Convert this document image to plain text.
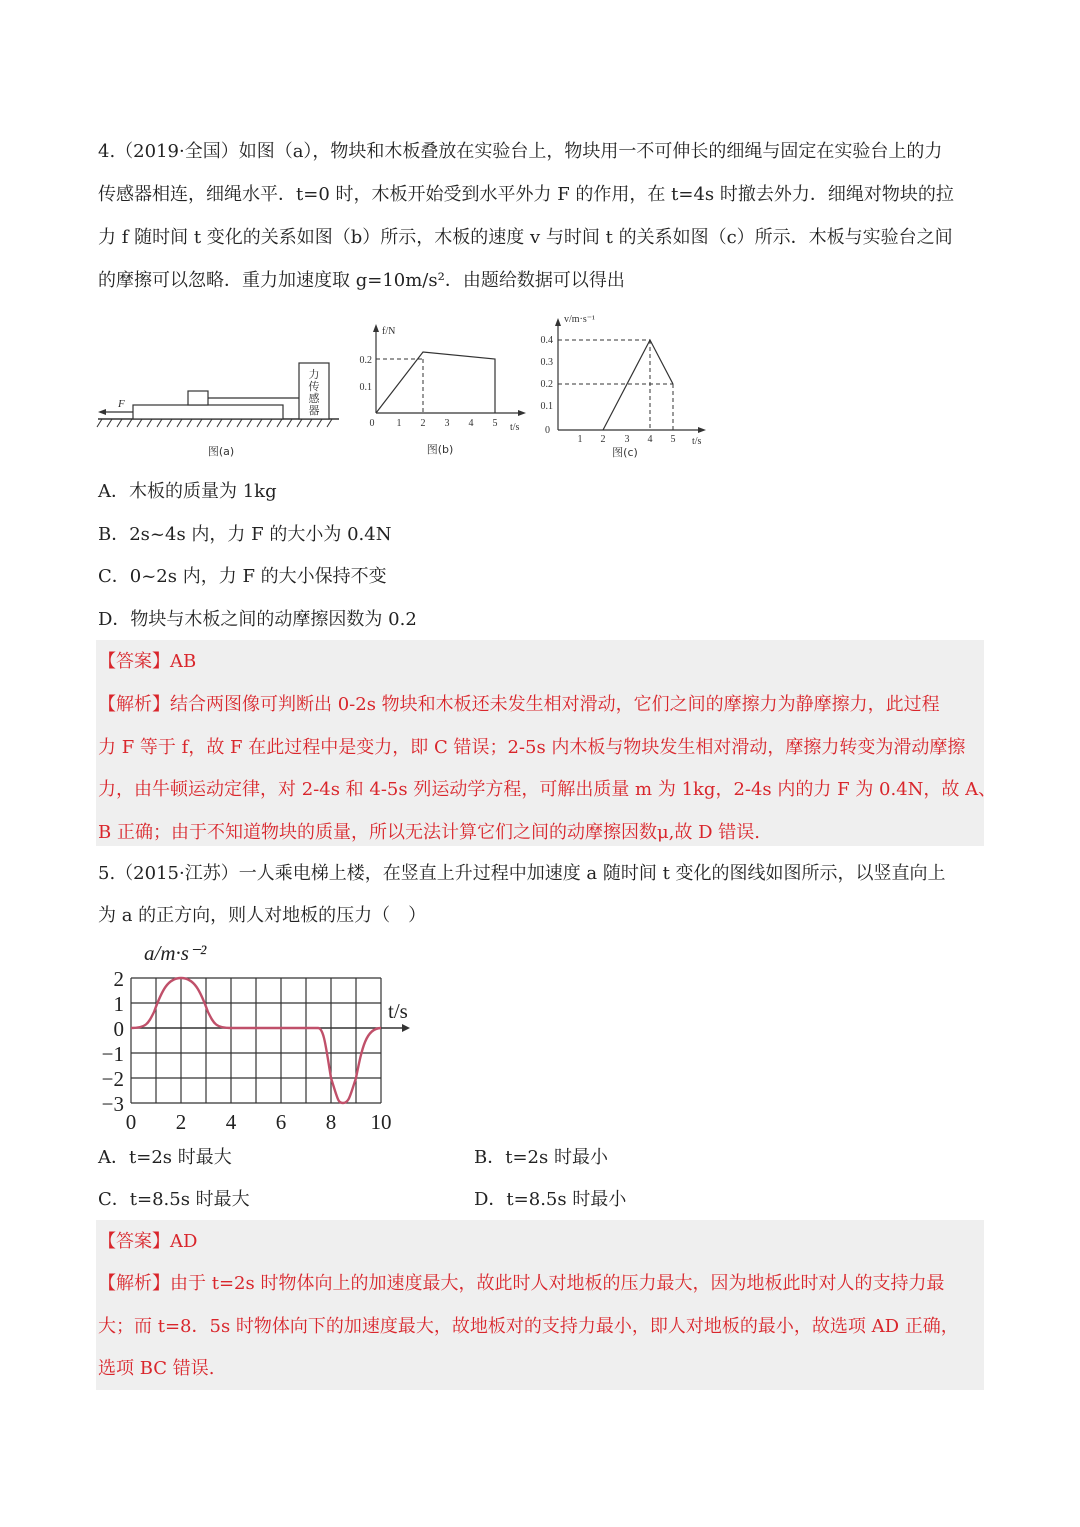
4.（2019·全国）如图（a），物块和木板叠放在实验台上，物块用一不可伸长的细绳与固定在实验台上的力
传感器相连，细绳水平．t=0 时，木板开始受到水平外力 F 的作用，在 t=4s 时撤去外力．细绳对物块的拉
力 f 随时间 t 变化的关系如图（b）所示，木板的速度 v 与时间 t 的关系如图（c）所示．木板与实验台之间
的摩擦可以忽略．重力加速度取 g=10m/s²．由题给数据可以得出
力
传
感
器
F
图(a)
f/N
t/s
0.2
0.1
0 1 2 3 4 5
图(b)
v/m·s⁻¹
t/s
0.4
0.3
0.2
0.1
0
1 2 3 4 5
图(c)
A．木板的质量为 1kg
B．2s~4s 内，力 F 的大小为 0.4N
C．0~2s 内，力 F 的大小保持不变
D．物块与木板之间的动摩擦因数为 0.2
【答案】AB
【解析】结合两图像可判断出 0-2s 物块和木板还未发生相对滑动，它们之间的摩擦力为静摩擦力，此过程
力 F 等于 f，故 F 在此过程中是变力，即 C 错误；2-5s 内木板与物块发生相对滑动，摩擦力转变为滑动摩擦
力，由牛顿运动定律，对 2-4s 和 4-5s 列运动学方程，可解出质量 m 为 1kg，2-4s 内的力 F 为 0.4N，故 A、
B 正确；由于不知道物块的质量，所以无法计算它们之间的动摩擦因数μ,故 D 错误.
5.（2015·江苏）一人乘电梯上楼，在竖直上升过程中加速度 a 随时间 t 变化的图线如图所示，以竖直向上
为 a 的正方向，则人对地板的压力（　）
a/m·s⁻²
t/s
2
1
0
−1
−2
−3
0 2 4 6 8 10
A．t=2s 时最大	B．t=2s 时最小
C．t=8.5s 时最大	D．t=8.5s 时最小
【答案】AD
【解析】由于 t=2s 时物体向上的加速度最大，故此时人对地板的压力最大，因为地板此时对人的支持力最
大；而 t=8．5s 时物体向下的加速度最大，故地板对的支持力最小，即人对地板的最小，故选项 AD 正确，
选项 BC 错误.
